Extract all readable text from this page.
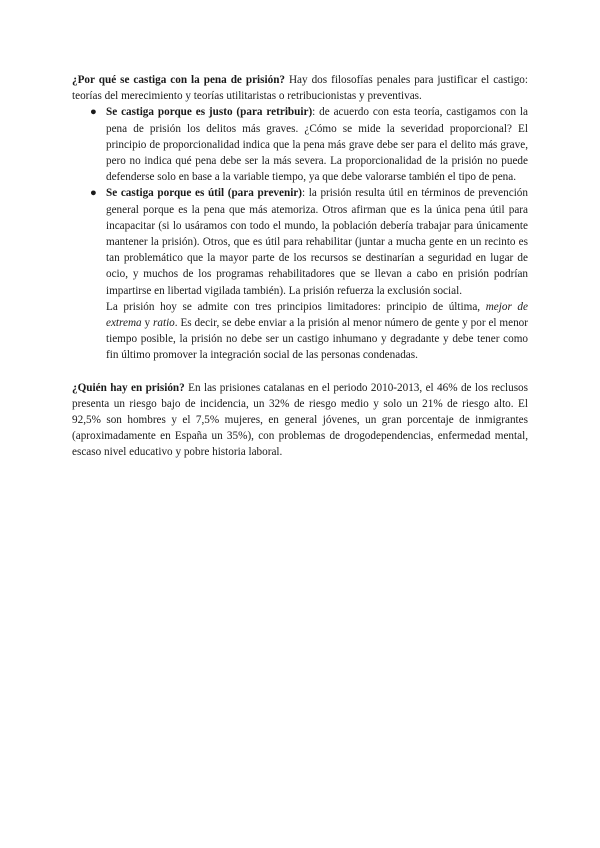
¿Por qué se castiga con la pena de prisión? Hay dos filosofías penales para justificar el castigo: teorías del merecimiento y teorías utilitaristas o retribucionistas y preventivas.

● Se castiga porque es justo (para retribuir): de acuerdo con esta teoría, castigamos con la pena de prisión los delitos más graves. ¿Cómo se mide la severidad proporcional? El principio de proporcionalidad indica que la pena más grave debe ser para el delito más grave, pero no indica qué pena debe ser la más severa. La proporcionalidad de la prisión no puede defenderse solo en base a la variable tiempo, ya que debe valorarse también el tipo de pena.
● Se castiga porque es útil (para prevenir): la prisión resulta útil en términos de prevención general porque es la pena que más atemoriza. Otros afirman que es la única pena útil para incapacitar (si lo usáramos con todo el mundo, la población debería trabajar para únicamente mantener la prisión). Otros, que es útil para rehabilitar (juntar a mucha gente en un recinto es tan problemático que la mayor parte de los recursos se destinarían a seguridad en lugar de ocio, y muchos de los programas rehabilitadores que se llevan a cabo en prisión podrían impartirse en libertad vigilada también). La prisión refuerza la exclusión social.

La prisión hoy se admite con tres principios limitadores: principio de última, mejor de extrema y ratio. Es decir, se debe enviar a la prisión al menor número de gente y por el menor tiempo posible, la prisión no debe ser un castigo inhumano y degradante y debe tener como fin último promover la integración social de las personas condenadas.

¿Quién hay en prisión? En las prisiones catalanas en el periodo 2010-2013, el 46% de los reclusos presenta un riesgo bajo de incidencia, un 32% de riesgo medio y solo un 21% de riesgo alto. El 92,5% son hombres y el 7,5% mujeres, en general jóvenes, un gran porcentaje de inmigrantes (aproximadamente en España un 35%), con problemas de drogodependencias, enfermedad mental, escaso nivel educativo y pobre historia laboral.
